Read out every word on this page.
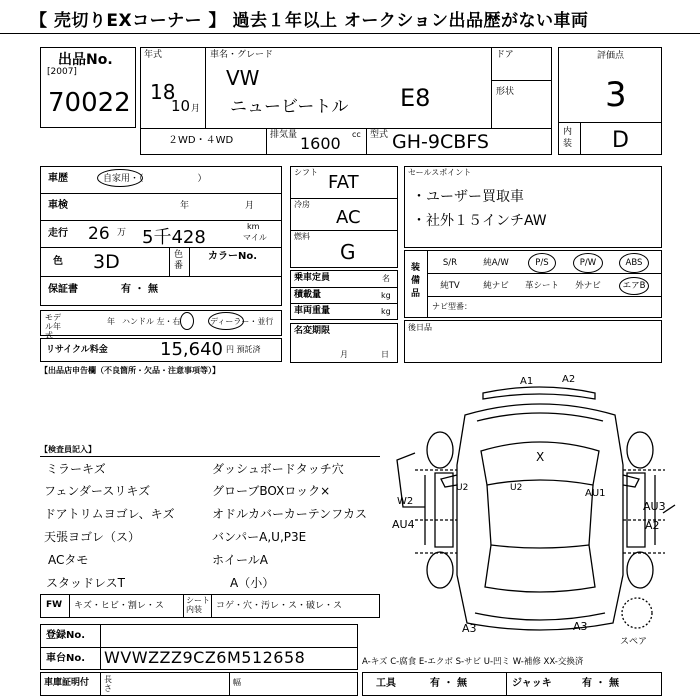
【 売切りEXコーナー 】 過去１年以上 オークション出品歴がない車両
出品No.
[2007]
70022
年式
18
10 月
車名・グレード
VW
ニュービートル E8
ドア
形状
２WD・４WD	排気量 1600 cc 型式 GH-9CBFS
評価点
3
内装 D
車歴	自家用・（　　　　　　）
車検	年	月
走行 26 万 5千428
km
マイル
色 3D	色番
カラーNo.
保証書	有 ・ 無
モデル年式
年 ハンドル 左・右	ディーラー・並行
リサイクル料金	15,640 円 預託済
【出品店申告欄（不良箇所・欠品・注意事項等）】
シフト FAT
冷房
AC
燃料
G
乗車定員	名
積載量	kg
車両重量	kg
名変期限
月	日
セールスポイント
・ユーザー買取車
・社外１５インチAW
装備品
S/R	純A/W	P/S	P/W	ABS
純TV	純ナビ	革シート	外ナビ	エアB
ナビ型番：
後日品
【検査員記入】
ミラーキズ
フェンダースリキズ
ドアトリムヨゴレ、キズ
天張ヨゴレ（ス）
ACタモ
スタッドレスT
ダッシュボードタッチ穴
グローブBOXロック×
オドルカバーカーテンフカス
バンパーA,U,P3E
ホイールA
A（小）
FW キズ・ヒビ・割レ・ス
シート内装	コゲ・穴・汚レ・ス・破レ・ス
登録No.
車台No. WVWZZZ9CZ6M512658
車庫証明付 長さ
幅
A-キズ C-腐食 E-エクボ S-サビ U-凹ミ W-補修 XX-交換済
工具	有 ・ 無	ジャッキ	有 ・ 無
A1	A2
X
U2	U2
W2
AU4
AU1
AU3
A2
A3	A3
スペア
